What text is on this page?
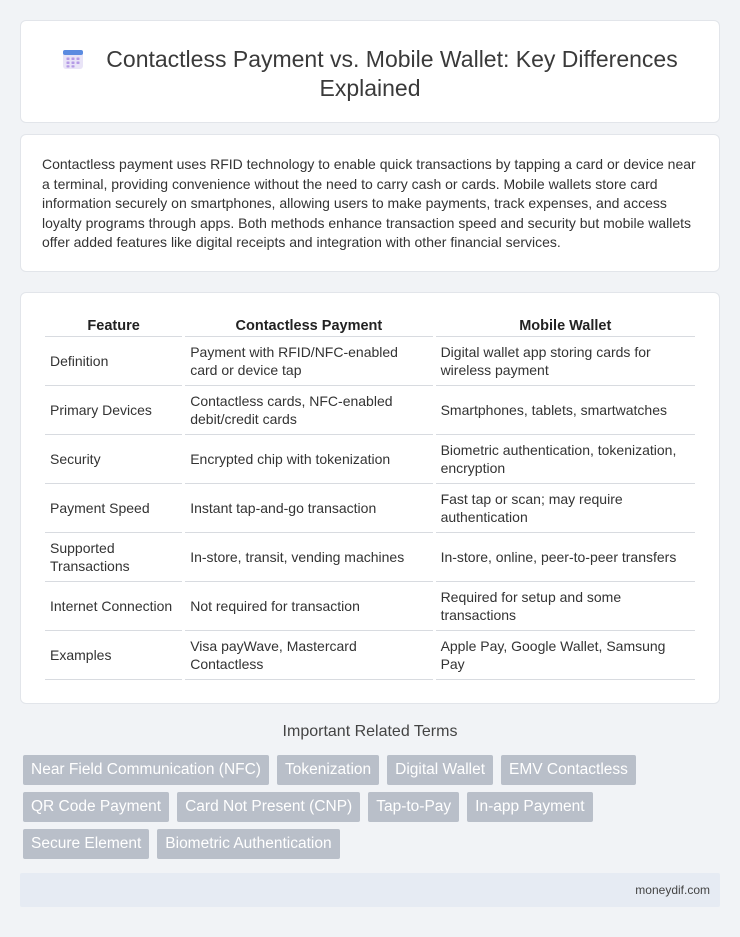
Contactless Payment vs. Mobile Wallet: Key Differences Explained

Contactless payment uses RFID technology to enable quick transactions by tapping a card or device near a terminal, providing convenience without the need to carry cash or cards. Mobile wallets store card information securely on smartphones, allowing users to make payments, track expenses, and access loyalty programs through apps. Both methods enhance transaction speed and security but mobile wallets offer added features like digital receipts and integration with other financial services.

Feature	Contactless Payment	Mobile Wallet
Definition	Payment with RFID/NFC-enabled card or device tap	Digital wallet app storing cards for wireless payment
Primary Devices	Contactless cards, NFC-enabled debit/credit cards	Smartphones, tablets, smartwatches
Security	Encrypted chip with tokenization	Biometric authentication, tokenization, encryption
Payment Speed	Instant tap-and-go transaction	Fast tap or scan; may require authentication
Supported Transactions	In-store, transit, vending machines	In-store, online, peer-to-peer transfers
Internet Connection	Not required for transaction	Required for setup and some transactions
Examples	Visa payWave, Mastercard Contactless	Apple Pay, Google Wallet, Samsung Pay
Important Related Terms
Near Field Communication (NFC)	Tokenization	Digital Wallet	EMV Contactless
QR Code Payment	Card Not Present (CNP)	Tap-to-Pay	In-app Payment
Secure Element	Biometric Authentication
moneydif.com
